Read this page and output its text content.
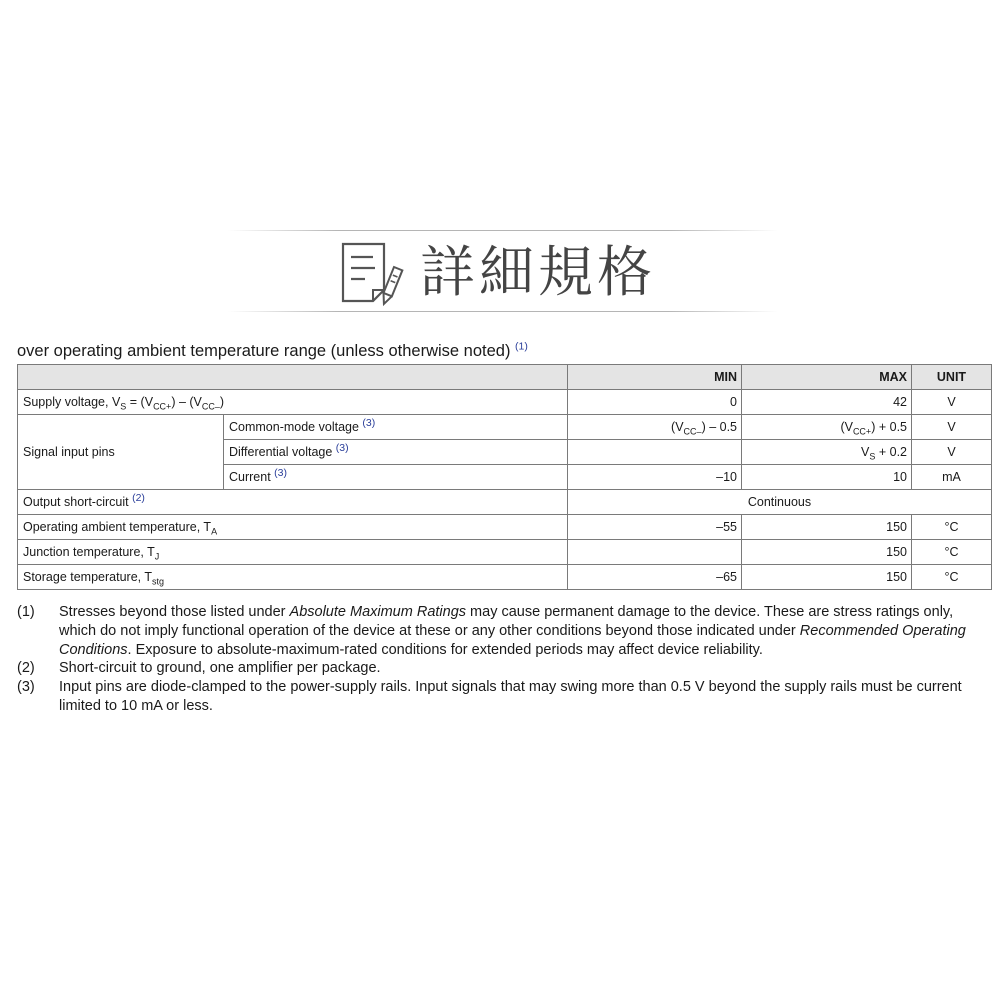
詳細規格
over operating ambient temperature range (unless otherwise noted) $^{(1)}$
		MIN	MAX	UNIT
Supply voltage, $V_S = (V_{CC+}) - (V_{CC-})$		0	42	V
Signal input pins	Common-mode voltage $^{(3)}$	$(V_{CC-}) - 0.5$	$(V_{CC+}) + 0.5$	V
	Differential voltage $^{(3)}$		$V_S + 0.2$	V
	Current $^{(3)}$	–10	10	mA
Output short-circuit $^{(2)}$		Continuous		
Operating ambient temperature, $T_A$		–55	150	°C
Junction temperature, $T_J$			150	°C
Storage temperature, $T_{stg}$		–65	150	°C
(1)	Stresses beyond those listed under Absolute Maximum Ratings may cause permanent damage to the device. These are stress ratings only, which do not imply functional operation of the device at these or any other conditions beyond those indicated under Recommended Operating Conditions. Exposure to absolute-maximum-rated conditions for extended periods may affect device reliability.
(2)	Short-circuit to ground, one amplifier per package.
(3)	Input pins are diode-clamped to the power-supply rails. Input signals that may swing more than 0.5 V beyond the supply rails must be current limited to 10 mA or less.
